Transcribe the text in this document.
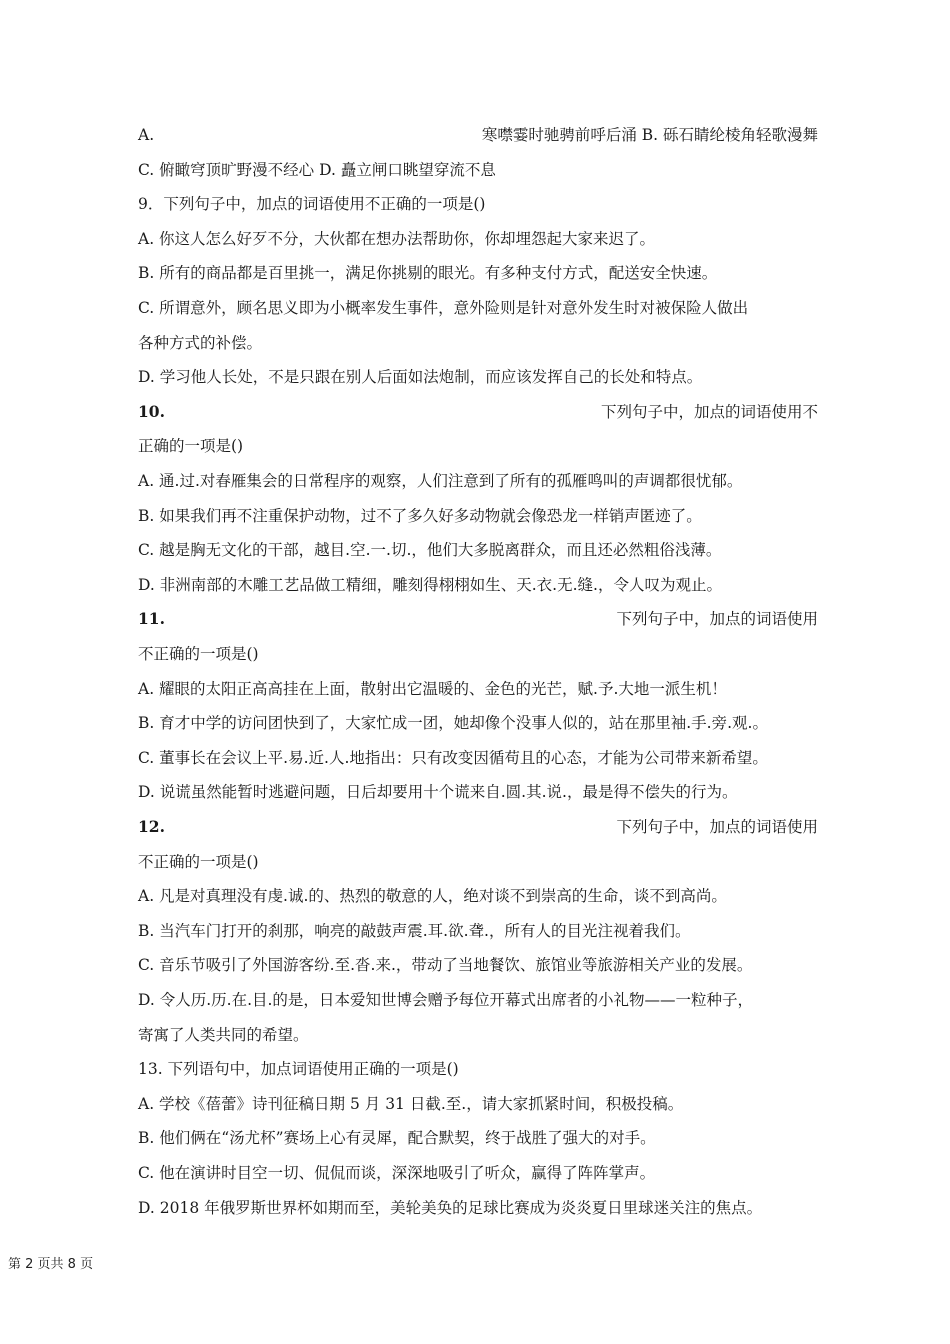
A.	寒噤霎时驰骋前呼后涌 B. 砾石睛纶棱角轻歌漫舞
C. 俯瞰穹顶旷野漫不经心 D. 矗立闸口眺望穿流不息
9．下列句子中，加点的词语使用不正确的一项是()
A. 你这人怎么好歹不分，大伙都在想办法帮助你，你却埋怨起大家来迟了。
B. 所有的商品都是百里挑一，满足你挑剔的眼光。有多种支付方式，配送安全快速。
C. 所谓意外，顾名思义即为小概率发生事件，意外险则是针对意外发生时对被保险人做出
各种方式的补偿。
D. 学习他人长处，不是只跟在别人后面如法炮制，而应该发挥自己的长处和特点。
10.	下列句子中，加点的词语使用不
正确的一项是()
A. 通.过.对春雁集会的日常程序的观察，人们注意到了所有的孤雁鸣叫的声调都很忧郁。
B. 如果我们再不注重保护动物，过不了多久好多动物就会像恐龙一样销声匿迹了。
C. 越是胸无文化的干部，越目.空.一.切.，他们大多脱离群众，而且还必然粗俗浅薄。
D. 非洲南部的木雕工艺品做工精细，雕刻得栩栩如生、天.衣.无.缝.，令人叹为观止。
11.	下列句子中，加点的词语使用
不正确的一项是()
A. 耀眼的太阳正高高挂在上面，散射出它温暖的、金色的光芒，赋.予.大地一派生机！
B. 育才中学的访问团快到了，大家忙成一团，她却像个没事人似的，站在那里袖.手.旁.观.。
C. 董事长在会议上平.易.近.人.地指出：只有改变因循苟且的心态，才能为公司带来新希望。
D. 说谎虽然能暂时逃避问题，日后却要用十个谎来自.圆.其.说.，最是得不偿失的行为。
12.	下列句子中，加点的词语使用
不正确的一项是()
A. 凡是对真理没有虔.诚.的、热烈的敬意的人，绝对谈不到崇高的生命，谈不到高尚。
B. 当汽车门打开的刹那，响亮的敲鼓声震.耳.欲.聋.，所有人的目光注视着我们。
C. 音乐节吸引了外国游客纷.至.沓.来.，带动了当地餐饮、旅馆业等旅游相关产业的发展。
D. 令人历.历.在.目.的是，日本爱知世博会赠予每位开幕式出席者的小礼物——一粒种子，
寄寓了人类共同的希望。
13. 下列语句中，加点词语使用正确的一项是()
A. 学校《蓓蕾》诗刊征稿日期 5 月 31 日截.至.，请大家抓紧时间，积极投稿。
B. 他们俩在“汤尤杯”赛场上心有灵犀，配合默契，终于战胜了强大的对手。
C. 他在演讲时目空一切、侃侃而谈，深深地吸引了听众，赢得了阵阵掌声。
D. 2018 年俄罗斯世界杯如期而至，美轮美奂的足球比赛成为炎炎夏日里球迷关注的焦点。
第 2 页共 8 页
